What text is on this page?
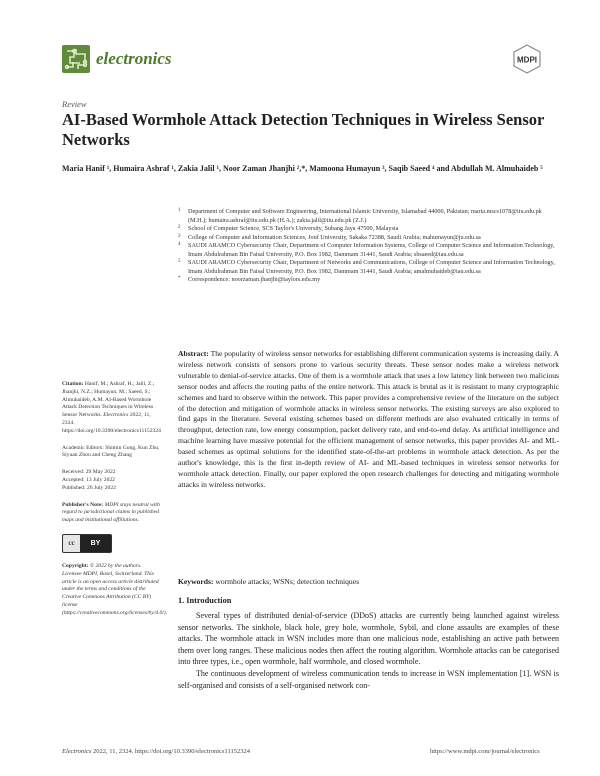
electronics	MDPI
Review
AI-Based Wormhole Attack Detection Techniques in Wireless Sensor Networks
Maria Hanif ¹, Humaira Ashraf ¹, Zakia Jalil ¹, Noor Zaman Jhanjhi ²,*, Mamoona Humayun ³, Saqib Saeed ⁴ and Abdullah M. Almuhaideb ⁵
1 Department of Computer and Software Engineering, International Islamic University, Islamabad 44000, Pakistan; maria.mscs1078@iiu.edu.pk (M.H.); humaira.ashraf@iiu.edu.pk (H.A.); zakia.jalil@iiu.edu.pk (Z.J.)
2 School of Computer Science, SCS Taylor's University, Subang Jaya 47500, Malaysia
3 College of Computer and Information Sciences, Jouf University, Sakaka 72388, Saudi Arabia; mahumayun@ju.edu.sa
4 SAUDI ARAMCO Cybersecurity Chair, Department of Computer Information Systems, College of Computer Science and Information Technology, Imam Abdulrahman Bin Faisal University, P.O. Box 1982, Dammam 31441, Saudi Arabia; sbsaeed@iau.edu.sa
5 SAUDI ARAMCO Cybersecurity Chair, Department of Networks and Communications, College of Computer Science and Information Technology, Imam Abdulrahman Bin Faisal University, P.O. Box 1982, Dammam 31441, Saudi Arabia; amalmuhaideb@iau.edu.sa
* Correspondence: noorzaman.jhanjhi@taylors.edu.my
Citation: Hanif, M.; Ashraf, H.; Jalil, Z.; Jhanjhi, N.Z.; Humayun, M.; Saeed, S.; Almuhaideb, A.M. AI-Based Wormhole Attack Detection Techniques in Wireless Sensor Networks. Electronics 2022, 11, 2324. https://doi.org/10.3390/electronics11152324
Academic Editors: Shimin Gong, Kun Zhu, Siyuan Zhou and Cheng Zhang
Received: 29 May 2022
Accepted: 13 July 2022
Published: 26 July 2022
Publisher's Note: MDPI stays neutral with regard to jurisdictional claims in published maps and institutional affiliations.
cc	BY
Copyright: © 2022 by the authors. Licensee MDPI, Basel, Switzerland. This article is an open access article distributed under the terms and conditions of the Creative Commons Attribution (CC BY) license (https://creativecommons.org/licenses/by/4.0/).
Abstract: The popularity of wireless sensor networks for establishing different communication systems is increasing daily. A wireless network consists of sensors prone to various security threats. These sensor nodes make a wireless network vulnerable to denial-of-service attacks. One of them is a wormhole attack that uses a low latency link between two malicious sensor nodes and affects the routing paths of the entire network. This attack is brutal as it is resistant to many cryptographic schemes and hard to observe within the network. This paper provides a comprehensive review of the literature on the subject of the detection and mitigation of wormhole attacks in wireless sensor networks. The existing surveys are also explored to find gaps in the literature. Several existing schemes based on different methods are also evaluated critically in terms of throughput, detection rate, low energy consumption, packet delivery rate, and end-to-end delay. As artificial intelligence and machine learning have massive potential for the efficient management of sensor networks, this paper provides AI- and ML-based schemes as optimal solutions for the identified state-of-the-art problems in wormhole attack detection. As per the author's knowledge, this is the first in-depth review of AI- and ML-based techniques in wireless sensor networks for wormhole attack detection. Finally, our paper explored the open research challenges for detecting and mitigating wormhole attacks in wireless networks.
Keywords: wormhole attacks; WSNs; detection techniques
1. Introduction

Several types of distributed denial-of-service (DDoS) attacks are currently being launched against wireless sensor networks. The sinkhole, black hole, grey hole, wormhole, Sybil, and clone assaults are examples of these attacks. The wormhole attack in WSN includes more than one malicious node, establishing an active path between them over long ranges. These malicious nodes then affect the routing algorithm. Wormhole attacks can be categorised into three types, i.e., open wormhole, half wormhole, and closed wormhole.

The continuous development of wireless communication tends to increase in WSN implementation [1]. WSN is self-organised and consists of a self-organised network con-

Electronics 2022, 11, 2324. https://doi.org/10.3390/electronics11152324	https://www.mdpi.com/journal/electronics
